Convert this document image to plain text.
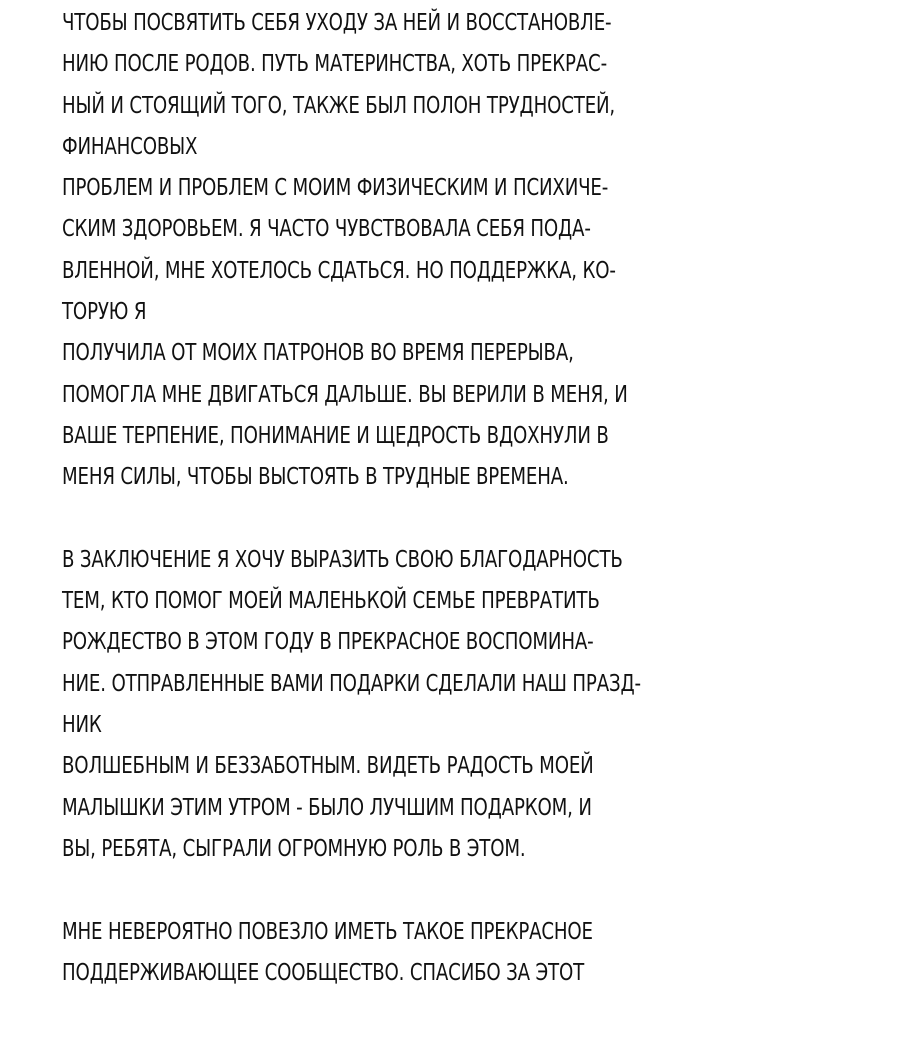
ЧТОБЫ ПОСВЯТИТЬ СЕБЯ УХОДУ ЗА НЕЙ И ВОССТАНОВЛЕ-
НИЮ ПОСЛЕ РОДОВ. ПУТЬ МАТЕРИНСТВА, ХОТЬ ПРЕКРАС-
НЫЙ И СТОЯЩИЙ ТОГО, ТАКЖЕ БЫЛ ПОЛОН ТРУДНОСТЕЙ,
ФИНАНСОВЫХ
ПРОБЛЕМ И ПРОБЛЕМ С МОИМ ФИЗИЧЕСКИМ И ПСИХИЧЕ-
СКИМ ЗДОРОВЬЕМ. Я ЧАСТО ЧУВСТВОВАЛА СЕБЯ ПОДА-
ВЛЕННОЙ, МНЕ ХОТЕЛОСЬ СДАТЬСЯ. НО ПОДДЕРЖКА, КО-
ТОРУЮ Я
ПОЛУЧИЛА ОТ МОИХ ПАТРОНОВ ВО ВРЕМЯ ПЕРЕРЫВА,
ПОМОГЛА МНЕ ДВИГАТЬСЯ ДАЛЬШЕ. ВЫ ВЕРИЛИ В МЕНЯ, И
ВАШЕ ТЕРПЕНИЕ, ПОНИМАНИЕ И ЩЕДРОСТЬ ВДОХНУЛИ В
МЕНЯ СИЛЫ, ЧТОБЫ ВЫСТОЯТЬ В ТРУДНЫЕ ВРЕМЕНА.
В ЗАКЛЮЧЕНИЕ Я ХОЧУ ВЫРАЗИТЬ СВОЮ БЛАГОДАРНОСТЬ
ТЕМ, КТО ПОМОГ МОЕЙ МАЛЕНЬКОЙ СЕМЬЕ ПРЕВРАТИТЬ
РОЖДЕСТВО В ЭТОМ ГОДУ В ПРЕКРАСНОЕ ВОСПОМИНА-
НИЕ. ОТПРАВЛЕННЫЕ ВАМИ ПОДАРКИ СДЕЛАЛИ НАШ ПРАЗД-
НИК
ВОЛШЕБНЫМ И БЕЗЗАБОТНЫМ. ВИДЕТЬ РАДОСТЬ МОЕЙ
МАЛЫШКИ ЭТИМ УТРОМ - БЫЛО ЛУЧШИМ ПОДАРКОМ, И
ВЫ, РЕБЯТА, СЫГРАЛИ ОГРОМНУЮ РОЛЬ В ЭТОМ.
МНЕ НЕВЕРОЯТНО ПОВЕЗЛО ИМЕТЬ ТАКОЕ ПРЕКРАСНОЕ
ПОДДЕРЖИВАЮЩЕЕ СООБЩЕСТВО. СПАСИБО ЗА ЭТОТ
